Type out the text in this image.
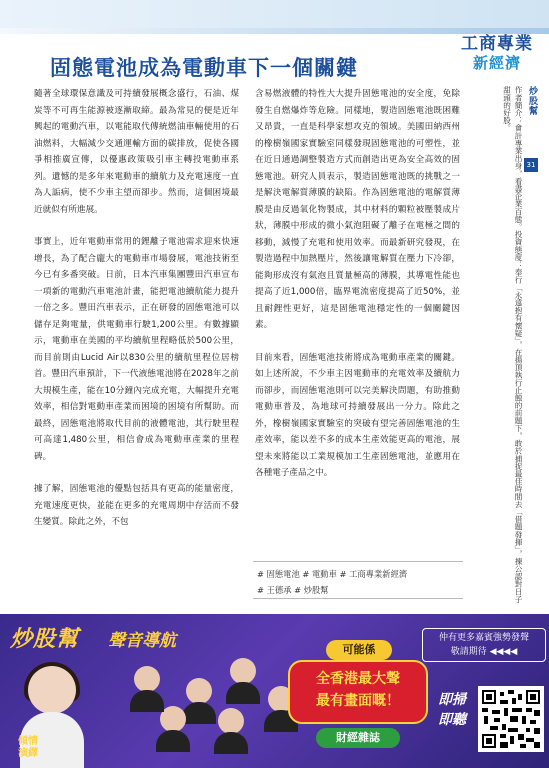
工商專業
新經濟
固態電池成為電動車下一個關鍵

隨著全球環保意識及可持續發展概念盛行，石油、煤炭等不可再生能源被逐漸取締。最為常見的便是近年興起的電動汽車，以電能取代傳統燃油車輛使用的石油燃料，大幅減少交通運輸方面的碳排放，促使各國爭相推廣宣傳，以優惠政策吸引車主轉投電動車系列。遺憾的是多年來電動車的續航力及充電速度一直為人詬病，使不少車主望而卻步。然而，這個困境最近就似有所進展。

事實上，近年電動車常用的鋰離子電池需求迎來快速增長，為了配合龐大的電動車市場發展，電池技術至今已有多番突破。日前，日本汽車集團豐田汽車宣布一項新的電動汽車電池計畫，能把電池續航能力提升一倍之多。豐田汽車表示，正在研發的固態電池可以儲存足夠電量，供電動車行駛1,200公里。有數據顯示，電動車在美國的平均續航里程略低於500公里，而目前則由Lucid Air以830公里的續航里程位居榜首。豐田汽車預計，下一代液態電池將在2028年之前大規模生產，能在10分鐘內完成充電，大幅提升充電效率，相信對電動車產業而困境的困境有所幫助。而最終，固態電池將取代目前的液體電池，其行駛里程可高達1,480公里，相信會成為電動車產業的里程碑。

據了解，固態電池的優點包括具有更高的能量密度，充電速度更快，並能在更多的充電周期中存活而不發生變質。除此之外，不包

含易燃液體的特性大大提升固態電池的安全度，免除發生自燃爆炸等危險。同樣地，製造固態電池既困難又昂貴，一直是科學家想攻克的領域。美國田納西州的橡樹嶺國家實驗室同樣發現固態電池的可塑性，並在近日通過調整製造方式而創造出更為安全高效的固態電池。研究人員表示，製造固態電池既的挑戰之一是解決電解質薄膜的缺陷。作為固態電池的電解質薄膜是由反過氧化物製成，其中材料的顆粒被壓製成片狀，薄膜中形成的微小氣泡阻礙了離子在電極之間的移動，減慢了充電和使用效率。而最新研究發現，在製造過程中加熱壓片，然後讓電解質在壓力下冷卻，能夠形成沒有氣泡且質量極高的薄膜，其導電性能也提高了近1,000倍，臨界電流密度提高了近50%，並且耐鋰性更好，這是固態電池穩定性的一個關鍵因素。

目前來看，固態電池技術將成為電動車產業的關鍵。如上述所說，不少車主因電動車的充電效率及續航力而卻步，而固態電池則可以完美解決問題，有助推動電動車普及，為地球可持續發展出一分力。除此之外，橡樹嶺國家實驗室的突破有望完善固態電池的生產效率，能以差不多的成本生產效能更高的電池，展望未來將能以工業規模加工生產固態電池，並應用在各種電子產品之中。

# 固態電池 # 電動車 # 工商專業新經濟
# 王德承 # 炒股幫
炒股幫
31
作者簡介：會計專業出身，看盡企業百態。投資態度：奉行「永遠抱有懷疑」，在揚頂執行止蝕的前題下，敢於捕捉最佳時間去「借題發揮」，揀公認對日子甜頭的好股。
炒股幫 聲音導航	仲有更多嘉賓強勢發聲
敬請期待 ◀◀◀◀
傾情
演繹
可能係
全香港最大聲
最有畫面嘅！
財經雜誌
即掃
即聽
